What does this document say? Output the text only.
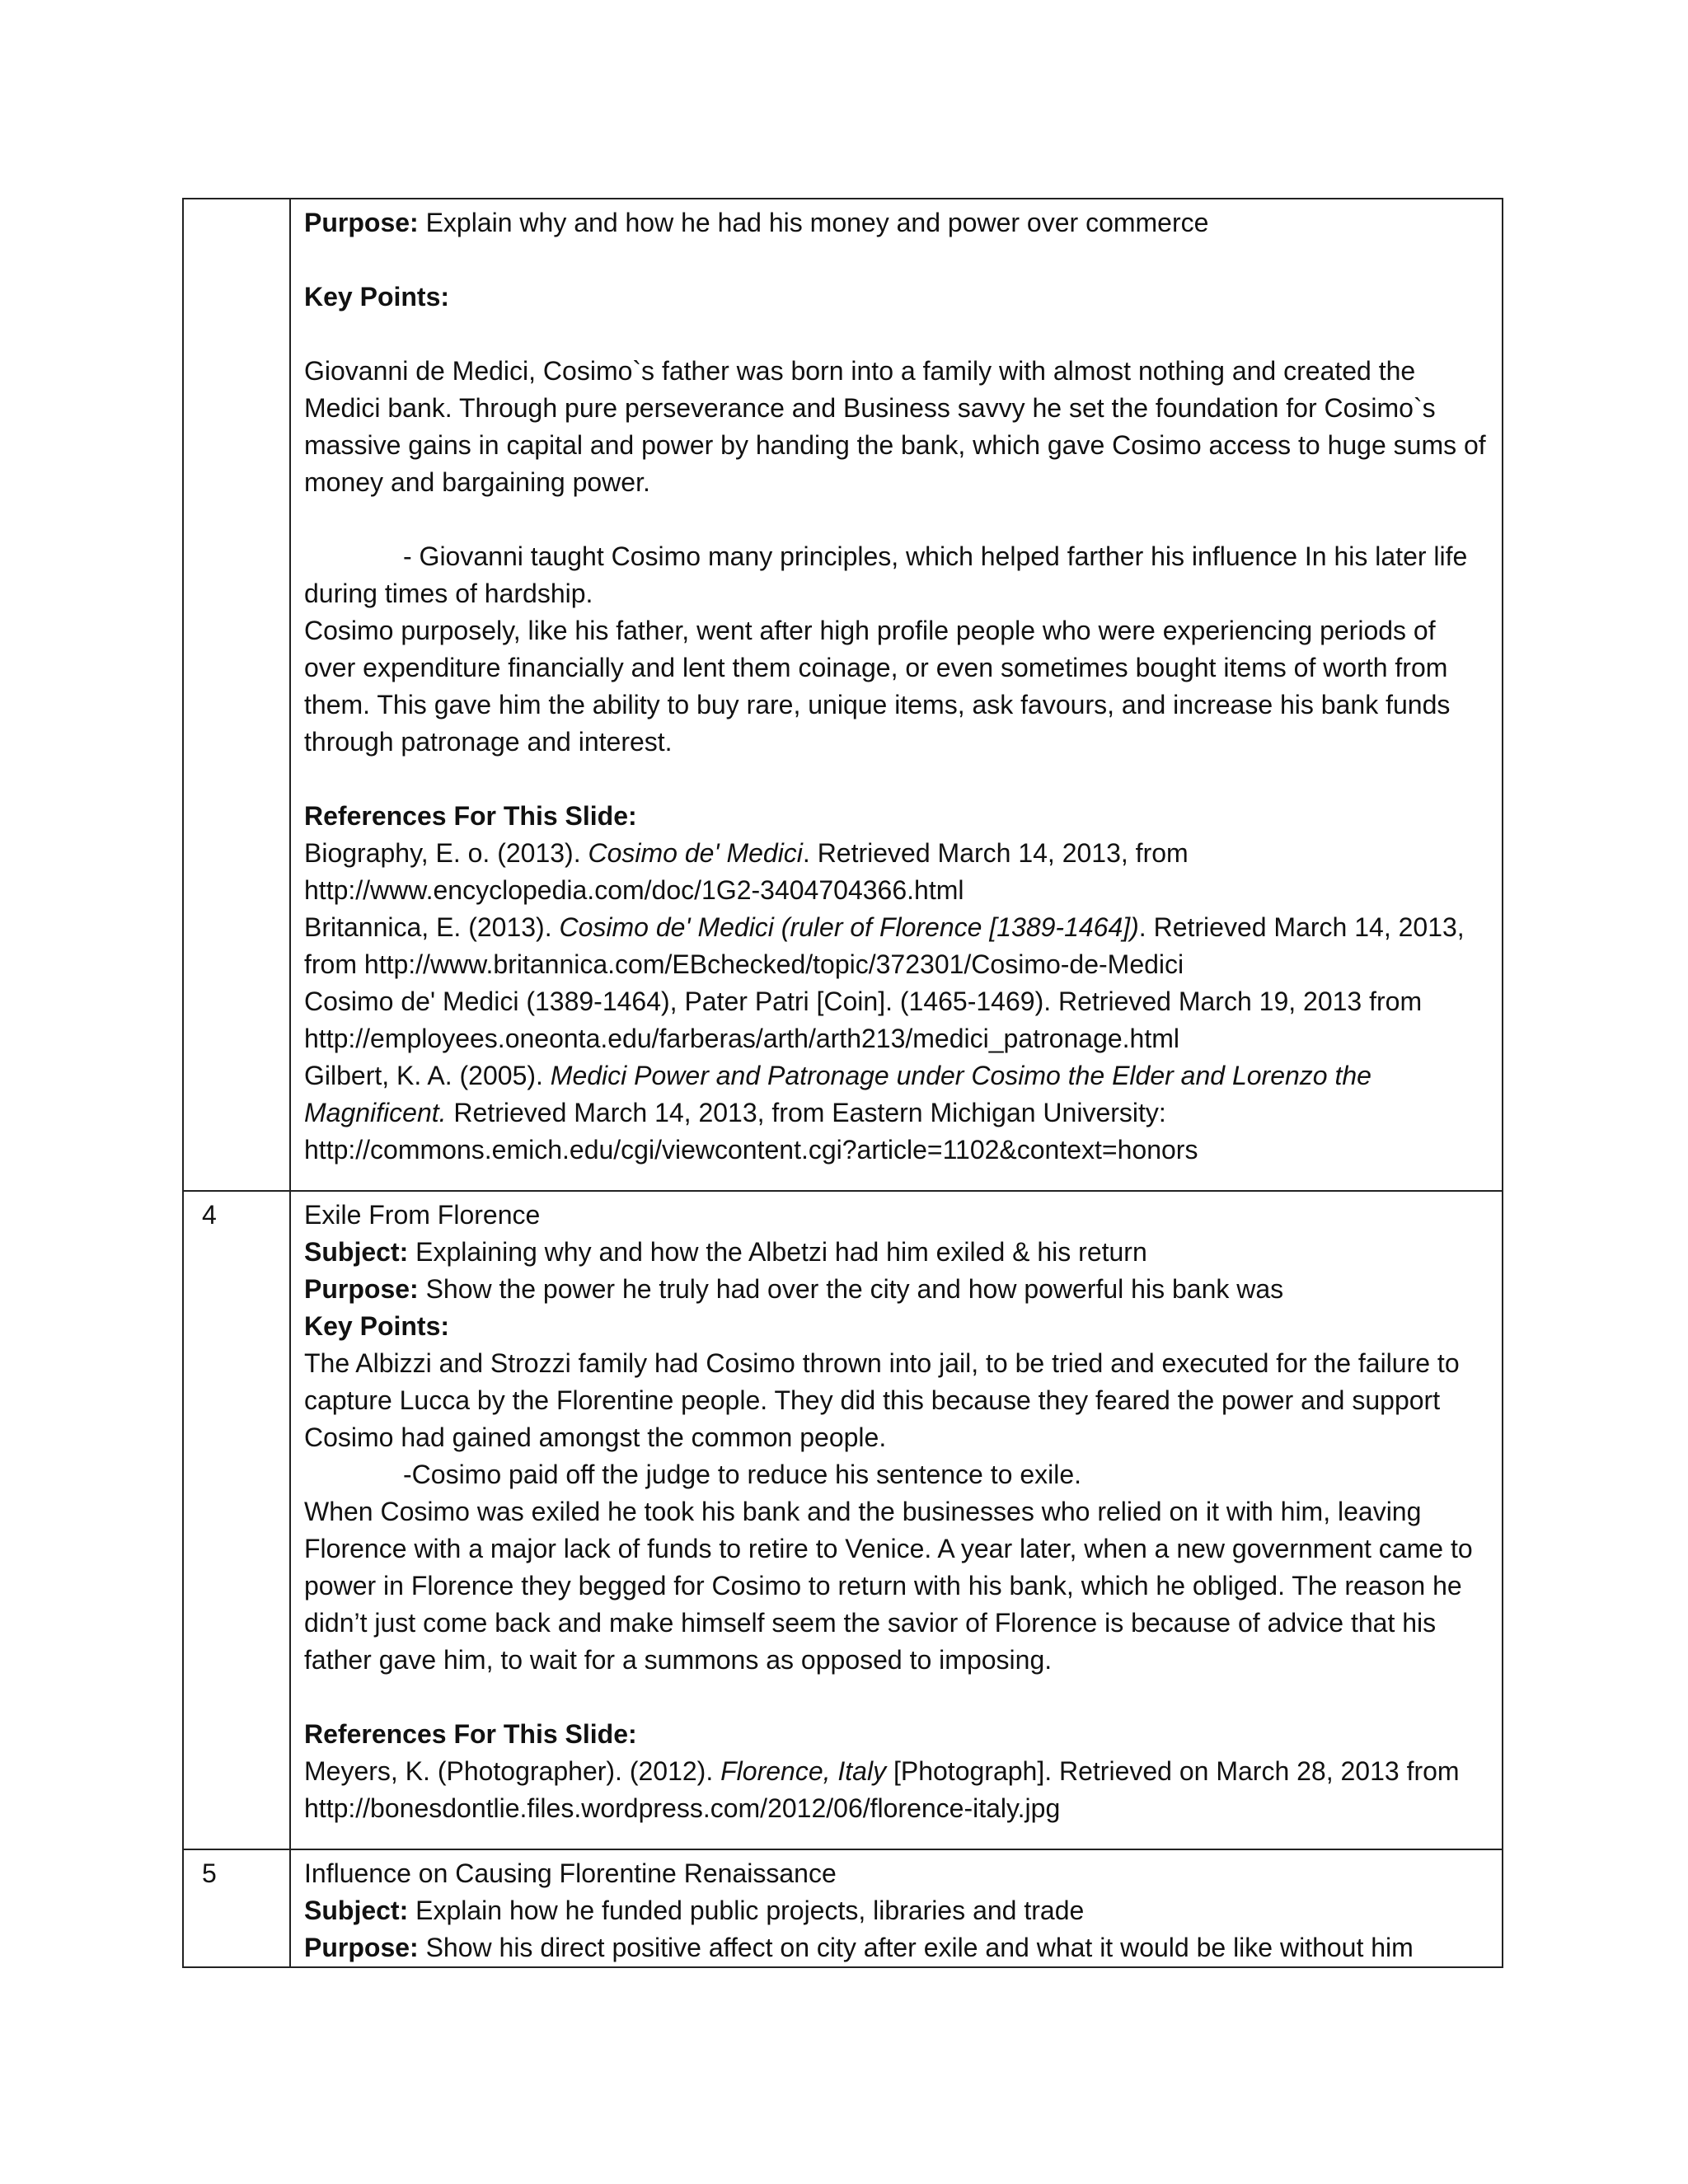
Purpose: Explain why and how he had his money and power over commerce

Key Points:

Giovanni de Medici, Cosimo`s father was born into a family with almost nothing and created the Medici bank. Through pure perseverance and Business savvy he set the foundation for Cosimo`s massive gains in capital and power by handing the bank, which gave Cosimo access to huge sums of money and bargaining power.

- Giovanni taught Cosimo many principles, which helped farther his influence In his later life during times of hardship.

Cosimo purposely, like his father, went after high profile people who were experiencing periods of over expenditure financially and lent them coinage, or even sometimes bought items of worth from them. This gave him the ability to buy rare, unique items, ask favours, and increase his bank funds through patronage and interest.

References For This Slide:

Biography, E. o. (2013). Cosimo de' Medici. Retrieved March 14, 2013, from http://www.encyclopedia.com/doc/1G2-3404704366.html

Britannica, E. (2013). Cosimo de' Medici (ruler of Florence [1389-1464]). Retrieved March 14, 2013, from http://www.britannica.com/EBchecked/topic/372301/Cosimo-de-Medici

Cosimo de' Medici (1389-1464), Pater Patri [Coin]. (1465-1469). Retrieved March 19, 2013 from http://employees.oneonta.edu/farberas/arth/arth213/medici_patronage.html

Gilbert, K. A. (2005). Medici Power and Patronage under Cosimo the Elder and Lorenzo the Magnificent. Retrieved March 14, 2013, from Eastern Michigan University: http://commons.emich.edu/cgi/viewcontent.cgi?article=1102&context=honors

4	Exile From Florence

Subject: Explaining why and how the Albetzi had him exiled & his return

Purpose: Show the power he truly had over the city and how powerful his bank was

Key Points:

The Albizzi and Strozzi family had Cosimo thrown into jail, to be tried and executed for the failure to capture Lucca by the Florentine people. They did this because they feared the power and support Cosimo had gained amongst the common people.

-Cosimo paid off the judge to reduce his sentence to exile.

When Cosimo was exiled he took his bank and the businesses who relied on it with him, leaving Florence with a major lack of funds to retire to Venice. A year later, when a new government came to power in Florence they begged for Cosimo to return with his bank, which he obliged. The reason he didn’t just come back and make himself seem the savior of Florence is because of advice that his father gave him, to wait for a summons as opposed to imposing.

References For This Slide:

Meyers, K. (Photographer). (2012). Florence, Italy [Photograph]. Retrieved on March 28, 2013 from http://bonesdontlie.files.wordpress.com/2012/06/florence-italy.jpg

5	Influence on Causing Florentine Renaissance

Subject: Explain how he funded public projects, libraries and trade

Purpose: Show his direct positive affect on city after exile and what it would be like without him
